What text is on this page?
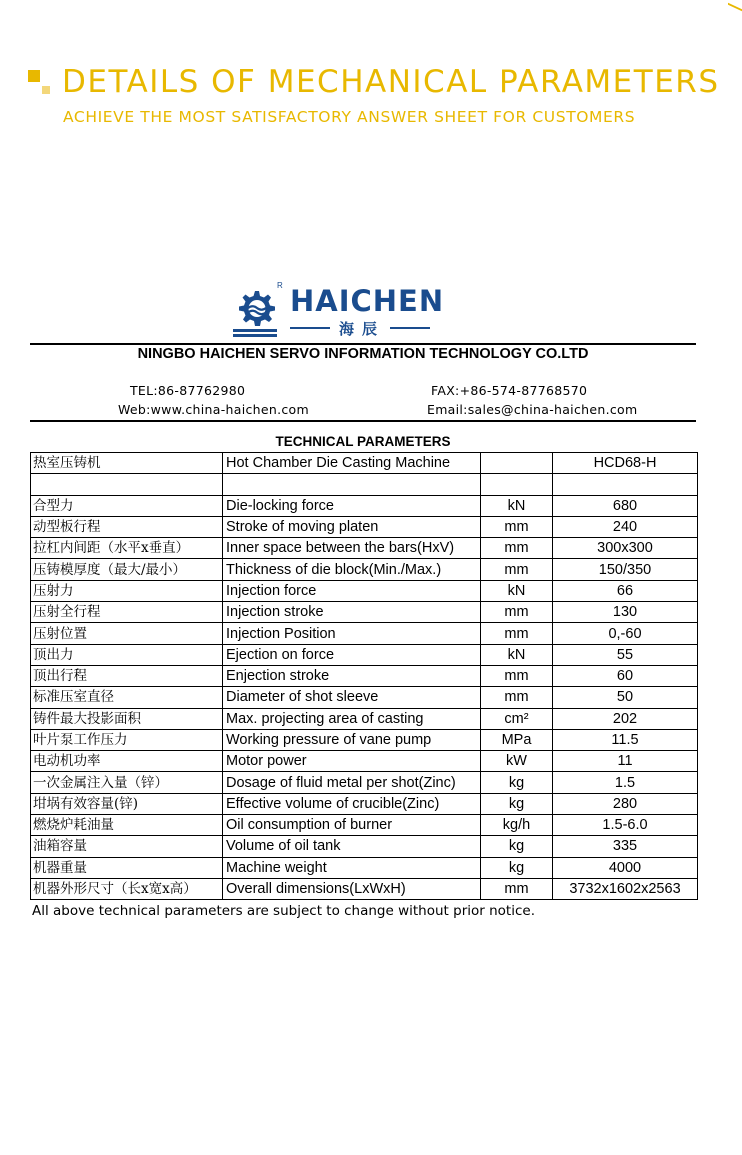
DETAILS OF MECHANICAL PARAMETERS
ACHIEVE THE MOST SATISFACTORY ANSWER SHEET FOR CUSTOMERS
R HAICHEN
海辰
NINGBO HAICHEN SERVO INFORMATION TECHNOLOGY CO.LTD
TEL:86-87762980	FAX:+86-574-87768570
Web:www.china-haichen.com	Email:sales@china-haichen.com
TECHNICAL PARAMETERS
热室压铸机	Hot Chamber Die Casting Machine		HCD68-H

合型力	Die-locking force	kN	680
动型板行程	Stroke of moving platen	mm	240
拉杠内间距（水平x垂直）	Inner space between the bars(HxV)	mm	300x300
压铸模厚度（最大/最小）	Thickness of die block(Min./Max.)	mm	150/350
压射力	Injection force	kN	66
压射全行程	Injection stroke	mm	130
压射位置	Injection Position	mm	0,-60
顶出力	Ejection on force	kN	55
顶出行程	Enjection stroke	mm	60
标准压室直径	Diameter of shot sleeve	mm	50
铸件最大投影面积	Max. projecting area of casting	cm²	202
叶片泵工作压力	Working pressure of vane pump	MPa	11.5
电动机功率	Motor power	kW	11
一次金属注入量（锌）	Dosage of fluid metal per shot(Zinc)	kg	1.5
坩埚有效容量(锌)	Effective volume of crucible(Zinc)	kg	280
燃烧炉耗油量	Oil consumption of burner	kg/h	1.5-6.0
油箱容量	Volume of oil tank	kg	335
机器重量	Machine weight	kg	4000
机器外形尺寸（长x宽x高）	Overall dimensions(LxWxH)	mm	3732x1602x2563
All above technical parameters are subject to change without prior notice.
